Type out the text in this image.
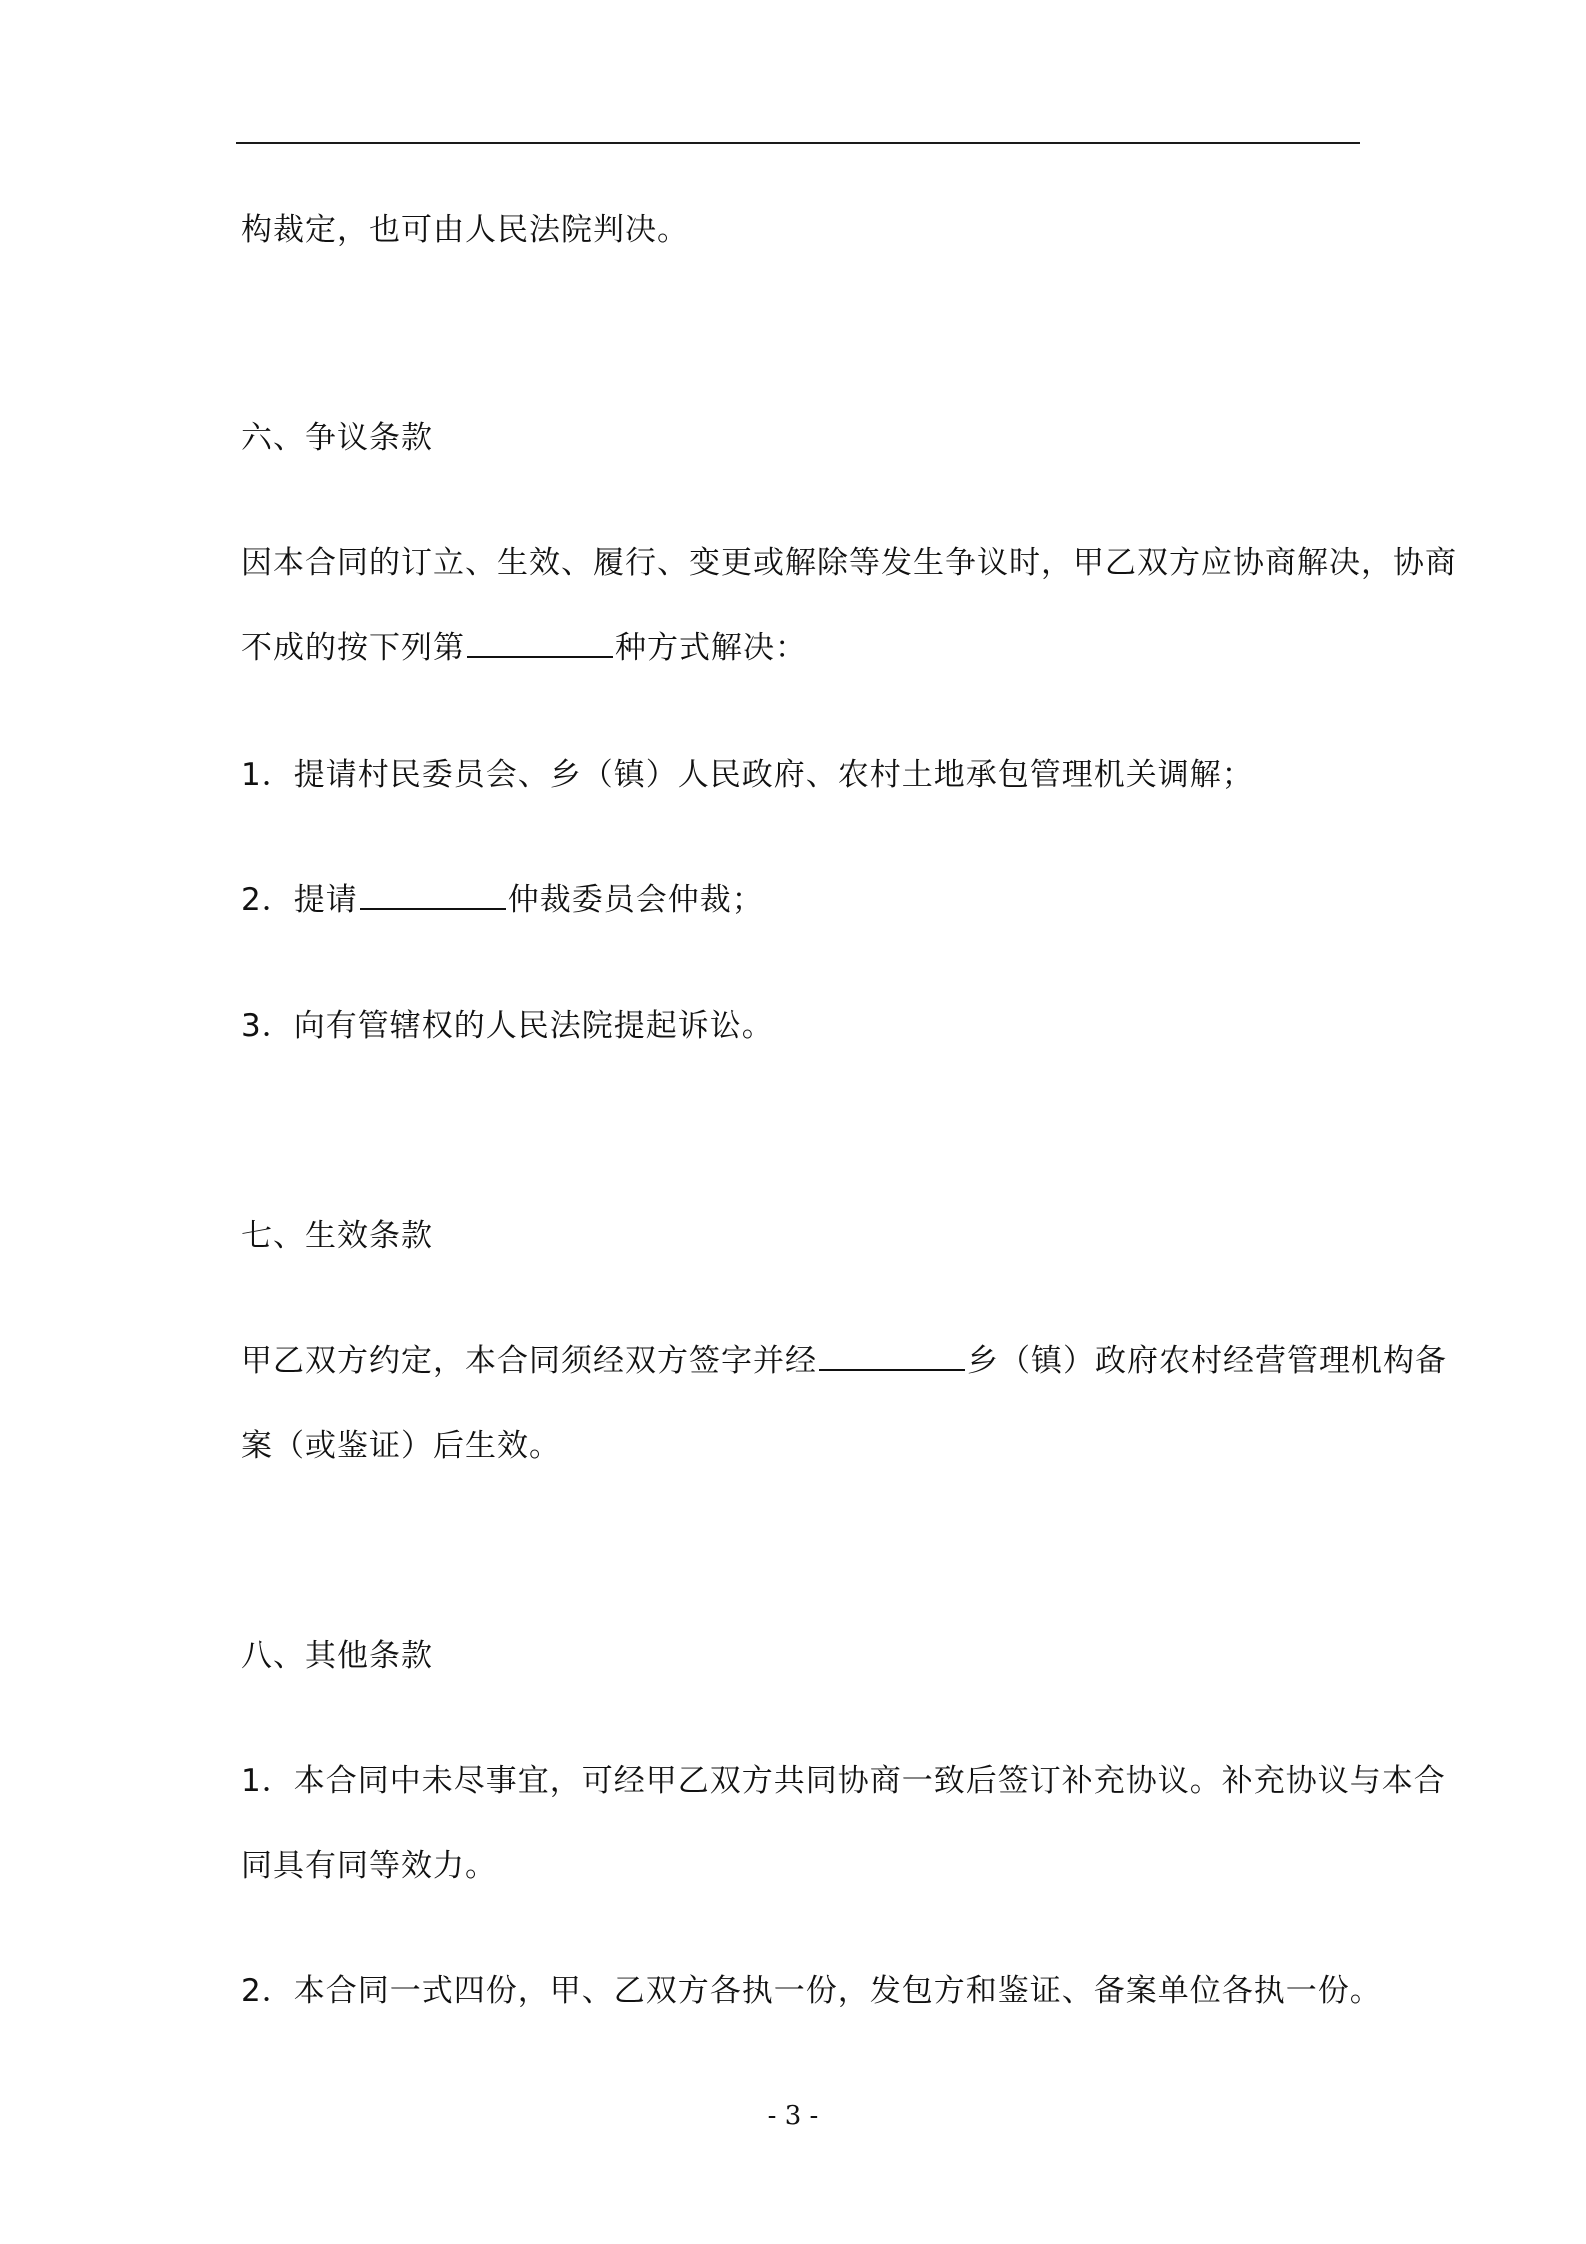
构裁定，也可由人民法院判决。
六、争议条款
因本合同的订立、生效、履行、变更或解除等发生争议时，甲乙双方应协商解决，协商
不成的按下列第	种方式解决：
1．提请村民委员会、乡（镇）人民政府、农村土地承包管理机关调解；
2．提请	仲裁委员会仲裁；
3．向有管辖权的人民法院提起诉讼。
七、生效条款
甲乙双方约定，本合同须经双方签字并经	乡（镇）政府农村经营管理机构备
案（或鉴证）后生效。
八、其他条款
1．本合同中未尽事宜，可经甲乙双方共同协商一致后签订补充协议。补充协议与本合
同具有同等效力。
2．本合同一式四份，甲、乙双方各执一份，发包方和鉴证、备案单位各执一份。
- 3 -
